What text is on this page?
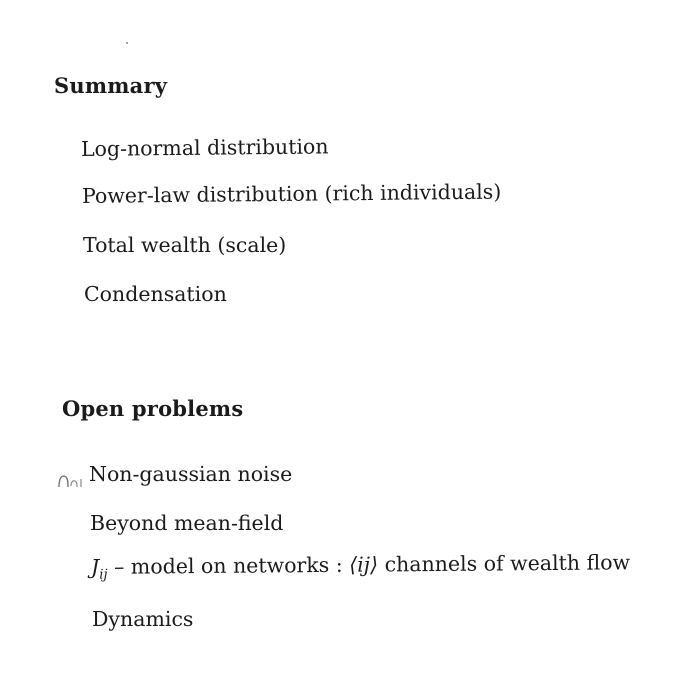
Summary

Log-normal distribution

Power-law distribution (rich individuals)

Total wealth (scale)

Condensation

Open problems

Non-gaussian noise

Beyond mean-field

$J_{ij}$ – model on networks : ⟨ij⟩ channels of wealth flow

Dynamics
